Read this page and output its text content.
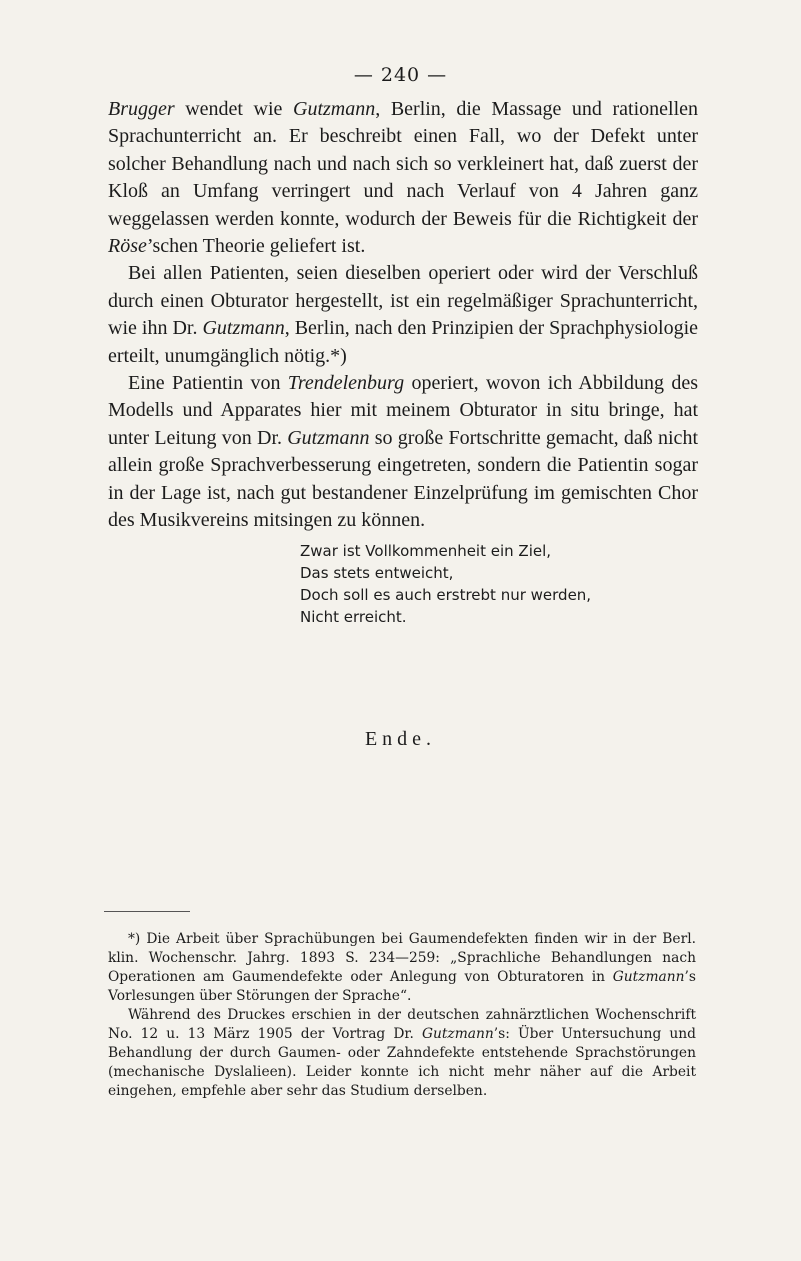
— 240 —

Brugger wendet wie Gutzmann, Berlin, die Massage und rationellen Sprachunterricht an. Er beschreibt einen Fall, wo der Defekt unter solcher Behandlung nach und nach sich so verkleinert hat, daß zuerst der Kloß an Umfang verringert und nach Verlauf von 4 Jahren ganz weggelassen werden konnte, wodurch der Beweis für die Richtigkeit der Röse’schen Theorie geliefert ist.

Bei allen Patienten, seien dieselben operiert oder wird der Verschluß durch einen Obturator hergestellt, ist ein regelmäßiger Sprachunterricht, wie ihn Dr. Gutzmann, Berlin, nach den Prinzipien der Sprachphysiologie erteilt, unumgänglich nötig.*)

Eine Patientin von Trendelenburg operiert, wovon ich Abbildung des Modells und Apparates hier mit meinem Obturator in situ bringe, hat unter Leitung von Dr. Gutzmann so große Fortschritte gemacht, daß nicht allein große Sprachverbesserung eingetreten, sondern die Patientin sogar in der Lage ist, nach gut bestandener Einzelprüfung im gemischten Chor des Musikvereins mitsingen zu können.

Zwar ist Vollkommenheit ein Ziel,
Das stets entweicht,
Doch soll es auch erstrebt nur werden,
Nicht erreicht.
Ende.

*) Die Arbeit über Sprachübungen bei Gaumendefekten finden wir in der Berl. klin. Wochenschr. Jahrg. 1893 S. 234—259: „Sprachliche Behandlungen nach Operationen am Gaumendefekte oder Anlegung von Obturatoren in Gutzmann’s Vorlesungen über Störungen der Sprache“.

Während des Druckes erschien in der deutschen zahnärztlichen Wochenschrift No. 12 u. 13 März 1905 der Vortrag Dr. Gutzmann’s: Über Untersuchung und Behandlung der durch Gaumen- oder Zahndefekte entstehende Sprachstörungen (mechanische Dyslalieen). Leider konnte ich nicht mehr näher auf die Arbeit eingehen, empfehle aber sehr das Studium derselben.
